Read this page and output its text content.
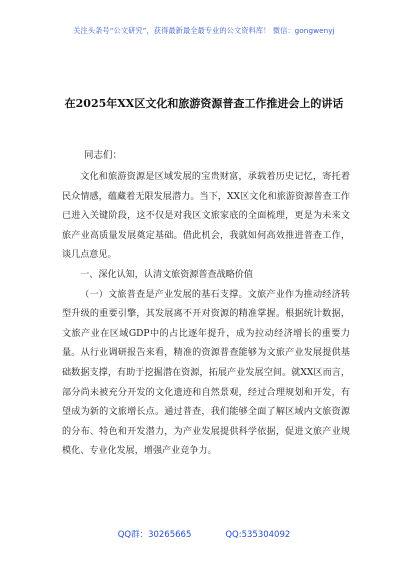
关注头条号“公文研究”，获得最新最全最专业的公文资料库！ 微信：gongwenyj
在2025年XX区文化和旅游资源普查工作推进会上的讲话
同志们：

文化和旅游资源是区域发展的宝贵财富，承载着历史记忆，寄托着民众情感，蕴藏着无限发展潜力。当下，XX区文化和旅游资源普查工作已进入关键阶段，这不仅是对我区文旅家底的全面梳理，更是为未来文旅产业高质量发展奠定基础。借此机会，我就如何高效推进普查工作，谈几点意见。

一、深化认知，认清文旅资源普查战略价值

（一）文旅普查是产业发展的基石支撑。文旅产业作为推动经济转型升级的重要引擎，其发展离不开对资源的精准掌握。根据统计数据，文旅产业在区域GDP中的占比逐年提升，成为拉动经济增长的重要力量。从行业调研报告来看，精准的资源普查能够为文旅产业发展提供基础数据支撑，有助于挖掘潜在资源，拓展产业发展空间。就XX区而言，部分尚未被充分开发的文化遗迹和自然景观，经过合理规划和开发，有望成为新的文旅增长点。通过普查，我们能够全面了解区域内文旅资源的分布、特色和开发潜力，为产业发展提供科学依据，促进文旅产业规模化、专业化发展，增强产业竞争力。

QQ群：30265665	QQ:535304092
